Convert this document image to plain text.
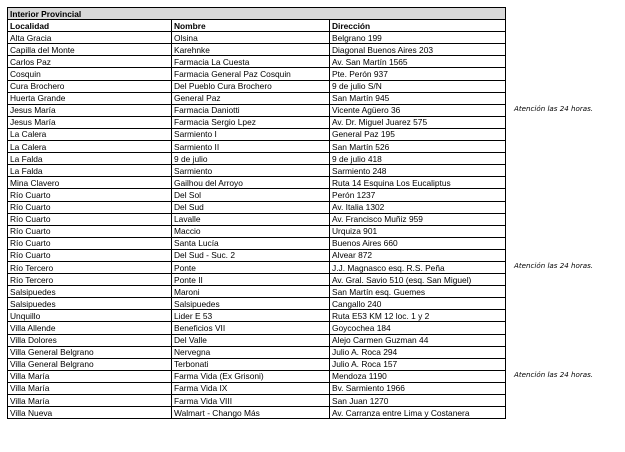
Interior Provincial		
Localidad	Nombre	Dirección
Alta Gracia	Olsina	Belgrano 199
Capilla del Monte	Karehnke	Diagonal Buenos Aires 203
Carlos Paz	Farmacia La Cuesta	Av. San Martín 1565
Cosquin	Farmacia General Paz Cosquin	Pte. Perón 937
Cura Brochero	Del Pueblo Cura Brochero	9 de julio S/N
Huerta Grande	General Paz	San Martín 945
Jesus María	Farmacia Daniotti	Vicente Agüero 36
Jesus María	Farmacia Sergio Lpez	Av. Dr. Miguel Juarez 575
La Calera	Sarmiento I	General Paz 195
La Calera	Sarmiento II	San Martín 526
La Falda	9 de julio	9 de julio 418
La Falda	Sarmiento	Sarmiento 248
Mina Clavero	Gailhou del Arroyo	Ruta 14 Esquina Los Eucaliptus
Río Cuarto	Del Sol	Perón 1237
Río Cuarto	Del Sud	Av. Italia 1302
Río Cuarto	Lavalle	Av. Francisco Muñiz 959
Río Cuarto	Maccio	Urquiza 901
Río Cuarto	Santa Lucía	Buenos Aires 660
Río Cuarto	Del Sud - Suc. 2	Alvear 872
Río Tercero	Ponte	J.J. Magnasco esq. R.S. Peña
Río Tercero	Ponte II	Av. Gral. Savio 510 (esq. San Miguel)
Salsipuedes	Maroni	San Martín esq. Guemes
Salsipuedes	Salsipuedes	Cangallo 240
Unquillo	Lider E 53	Ruta E53 KM 12 loc. 1 y 2
Villa Allende	Beneficios VII	Goycochea 184
Villa Dolores	Del Valle	Alejo Carmen Guzman 44
Villa General Belgrano	Nervegna	Julio A. Roca 294
Villa General Belgrano	Terbonati	Julio A. Roca 157
Villa María	Farma Vida (Ex Grisoni)	Mendoza 1190
Villa María	Farma Vida IX	Bv. Sarmiento 1966
Villa María	Farma Vida VIII	San Juan 1270
Villa Nueva	Walmart - Chango Más	Av. Carranza entre Lima y Costanera
Atención las 24 horas.
Atención las 24 horas.
Atención las 24 horas.
